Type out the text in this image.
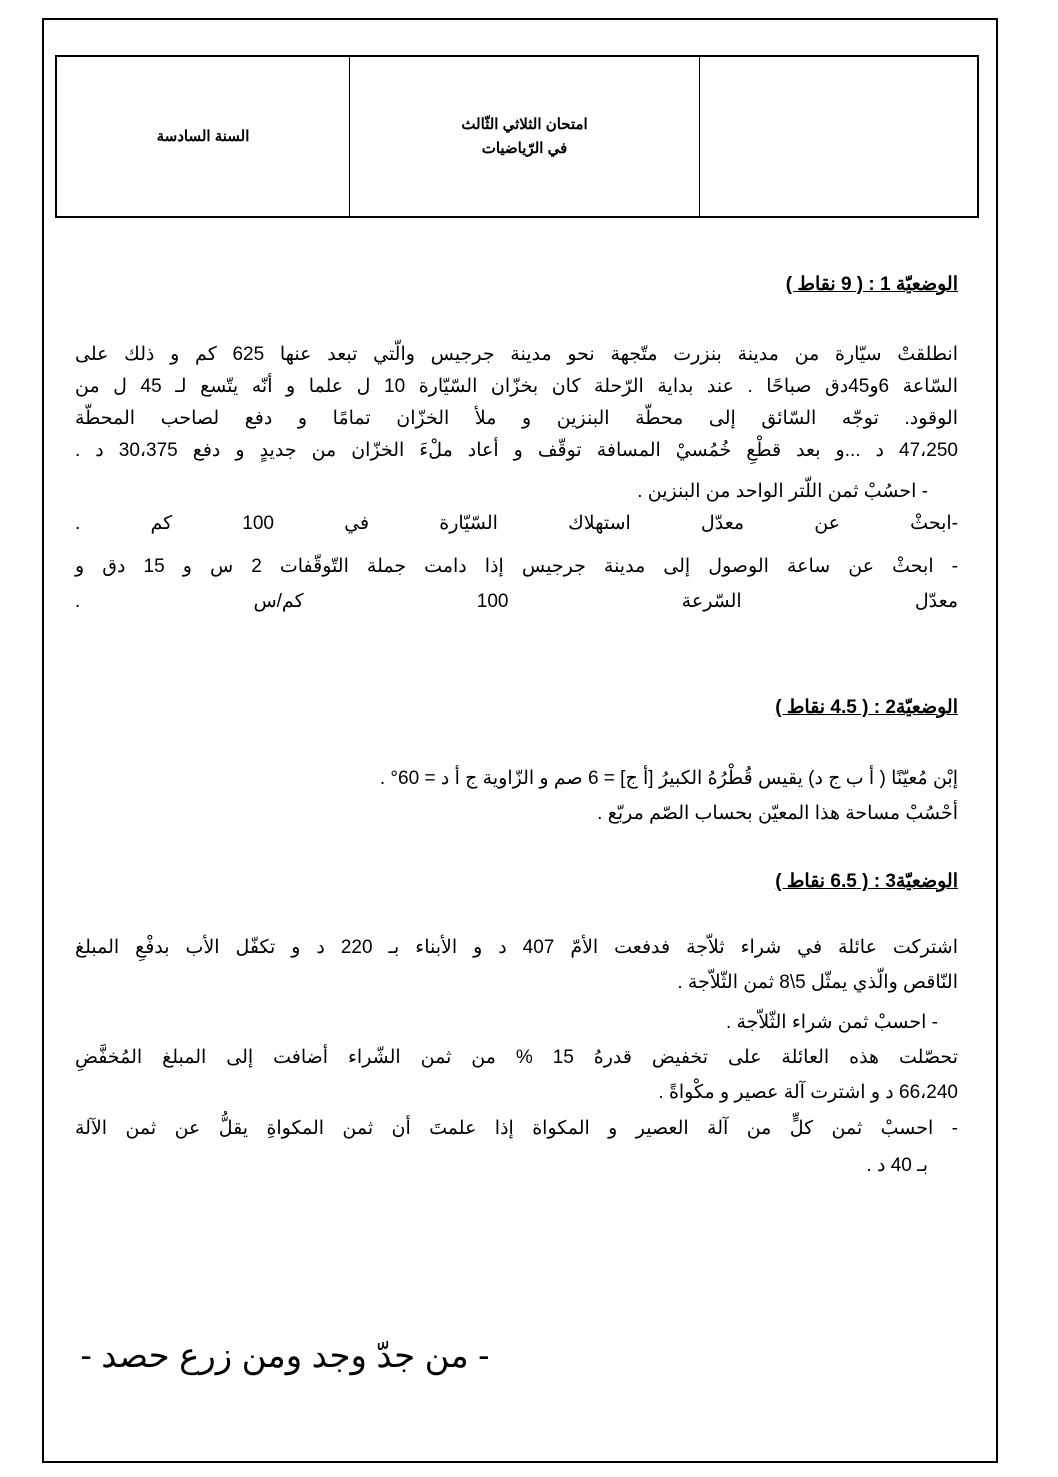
السنة السادسة
امتحان الثلاثي الثّالث
في الرّياضيات
الوضعيّة 1 : ( 9 نقاط )
انطلقتْ سيّارة من مدينة بنزرت متّجهة نحو مدينة جرجيس والّتي تبعد عنها 625 كم و ذلك على
السّاعة 6و45دق صباحًا . عند بداية الرّحلة كان بخزّان السّيّارة 10 ل علما و أنّه يتّسع لـ 45 ل من
الوقود. توجّه السّائق إلى محطّة البنزين و ملأ الخزّان تمامًا و دفع لصاحب المحطّة
47،250 د ...و بعد قطْعِ خُمُسيْ المسافة توقّف و أعاد ملْءَ الخزّان من جديدٍ و دفع 30،375 د .
- احسُبْ ثمن اللّتر الواحد من البنزين .
-ابحثْ عن معدّل استهلاك السّيّارة في 100 كم .
- ابحثْ عن ساعة الوصول إلى مدينة جرجيس إذا دامت جملة التّوقّفات 2 س و 15 دق و
معدّل السّرعة 100 كم/س .
الوضعيّة2 : ( 4.5 نقاط )
إبْن مُعيّنًا ( أ ب ج د) يقيس قُطْرُهُ الكبيرُ [أ ج] = 6 صم و الزّاوية ج أ د = 60° .
أحْسُبْ مساحة هذا المعيّن بحساب الصّم مربّع .
الوضعيّة3 : ( 6.5 نقاط )
اشتركت عائلة في شراء ثلاّجة فدفعت الأمّ 407 د و الأبناء بـ 220 د و تكفّل الأب بدفْعِ المبلغ
النّاقص والّذي يمثّل 5\8 ثمن الثّلاّجة .
- احسبْ ثمن شراء الثّلاّجة .
تحصّلت هذه العائلة على تخفيض قدرهُ 15 % من ثمن الشّراء أضافت إلى المبلغ المُخفَّضِ
66،240 د و اشترت آلة عصير و مكْواةً .
- احسبْ ثمن كلٍّ من آلة العصير و المكواة إذا علمتَ أن ثمن المكواةِ يقلُّ عن ثمن الآلة
بـ 40 د .
- من جدّ وجد ومن زرع حصد -
